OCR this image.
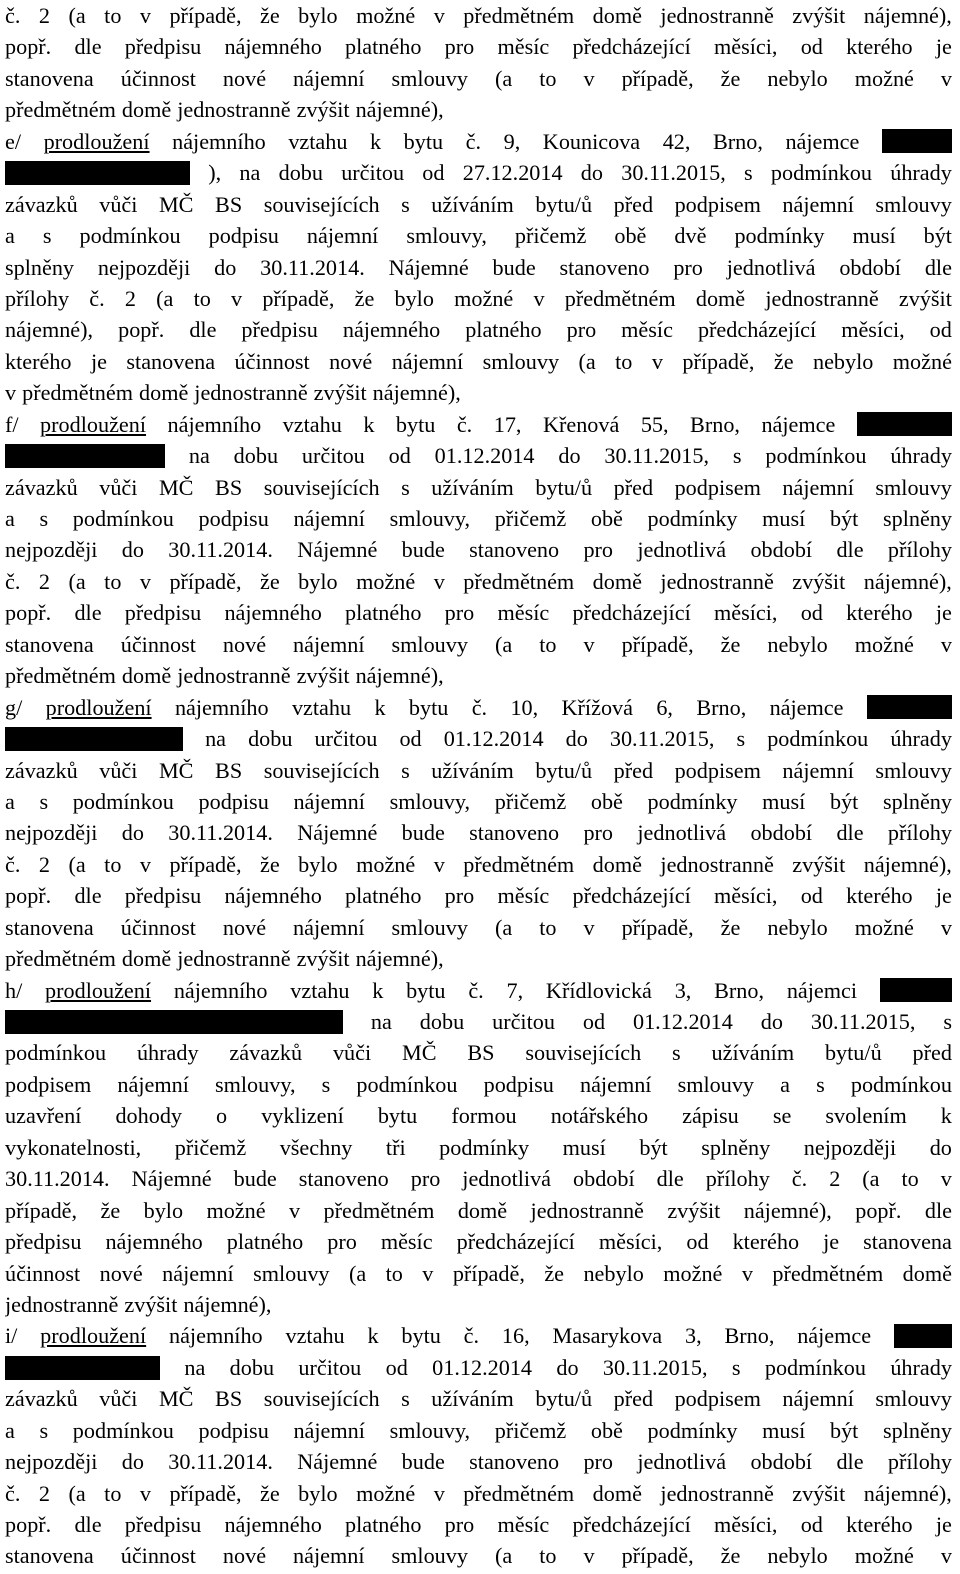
č. 2 (a to v případě, že bylo možné v předmětném domě jednostranně zvýšit nájemné),
popř. dle předpisu nájemného platného pro měsíc předcházející měsíci, od kterého je
stanovena účinnost nové nájemní smlouvy (a to v případě, že nebylo možné v
předmětném domě jednostranně zvýšit nájemné),
e/ prodloužení nájemního vztahu k bytu č. 9, Kounicova 42, Brno, nájemce
), na dobu určitou od 27.12.2014 do 30.11.2015, s podmínkou úhrady
závazků vůči MČ BS souvisejících s užíváním bytu/ů před podpisem nájemní smlouvy
a s podmínkou podpisu nájemní smlouvy, přičemž obě dvě podmínky musí být
splněny nejpozději do 30.11.2014. Nájemné bude stanoveno pro jednotlivá období dle
přílohy č. 2 (a to v případě, že bylo možné v předmětném domě jednostranně zvýšit
nájemné), popř. dle předpisu nájemného platného pro měsíc předcházející měsíci, od
kterého je stanovena účinnost nové nájemní smlouvy (a to v případě, že nebylo možné
v předmětném domě jednostranně zvýšit nájemné),
f/ prodloužení nájemního vztahu k bytu č. 17, Křenová 55, Brno, nájemce
na dobu určitou od 01.12.2014 do 30.11.2015, s podmínkou úhrady
závazků vůči MČ BS souvisejících s užíváním bytu/ů před podpisem nájemní smlouvy
a s podmínkou podpisu nájemní smlouvy, přičemž obě podmínky musí být splněny
nejpozději do 30.11.2014. Nájemné bude stanoveno pro jednotlivá období dle přílohy
č. 2 (a to v případě, že bylo možné v předmětném domě jednostranně zvýšit nájemné),
popř. dle předpisu nájemného platného pro měsíc předcházející měsíci, od kterého je
stanovena účinnost nové nájemní smlouvy (a to v případě, že nebylo možné v
předmětném domě jednostranně zvýšit nájemné),
g/ prodloužení nájemního vztahu k bytu č. 10, Křížová 6, Brno, nájemce
na dobu určitou od 01.12.2014 do 30.11.2015, s podmínkou úhrady
závazků vůči MČ BS souvisejících s užíváním bytu/ů před podpisem nájemní smlouvy
a s podmínkou podpisu nájemní smlouvy, přičemž obě podmínky musí být splněny
nejpozději do 30.11.2014. Nájemné bude stanoveno pro jednotlivá období dle přílohy
č. 2 (a to v případě, že bylo možné v předmětném domě jednostranně zvýšit nájemné),
popř. dle předpisu nájemného platného pro měsíc předcházející měsíci, od kterého je
stanovena účinnost nové nájemní smlouvy (a to v případě, že nebylo možné v
předmětném domě jednostranně zvýšit nájemné),
h/ prodloužení nájemního vztahu k bytu č. 7, Křídlovická 3, Brno, nájemci
na dobu určitou od 01.12.2014 do 30.11.2015, s
podmínkou úhrady závazků vůči MČ BS souvisejících s užíváním bytu/ů před
podpisem nájemní smlouvy, s podmínkou podpisu nájemní smlouvy a s podmínkou
uzavření dohody o vyklizení bytu formou notářského zápisu se svolením k
vykonatelnosti, přičemž všechny tři podmínky musí být splněny nejpozději do
30.11.2014. Nájemné bude stanoveno pro jednotlivá období dle přílohy č. 2 (a to v
případě, že bylo možné v předmětném domě jednostranně zvýšit nájemné), popř. dle
předpisu nájemného platného pro měsíc předcházející měsíci, od kterého je stanovena
účinnost nové nájemní smlouvy (a to v případě, že nebylo možné v předmětném domě
jednostranně zvýšit nájemné),
i/ prodloužení nájemního vztahu k bytu č. 16, Masarykova 3, Brno, nájemce
na dobu určitou od 01.12.2014 do 30.11.2015, s podmínkou úhrady
závazků vůči MČ BS souvisejících s užíváním bytu/ů před podpisem nájemní smlouvy
a s podmínkou podpisu nájemní smlouvy, přičemž obě podmínky musí být splněny
nejpozději do 30.11.2014. Nájemné bude stanoveno pro jednotlivá období dle přílohy
č. 2 (a to v případě, že bylo možné v předmětném domě jednostranně zvýšit nájemné),
popř. dle předpisu nájemného platného pro měsíc předcházející měsíci, od kterého je
stanovena účinnost nové nájemní smlouvy (a to v případě, že nebylo možné v
